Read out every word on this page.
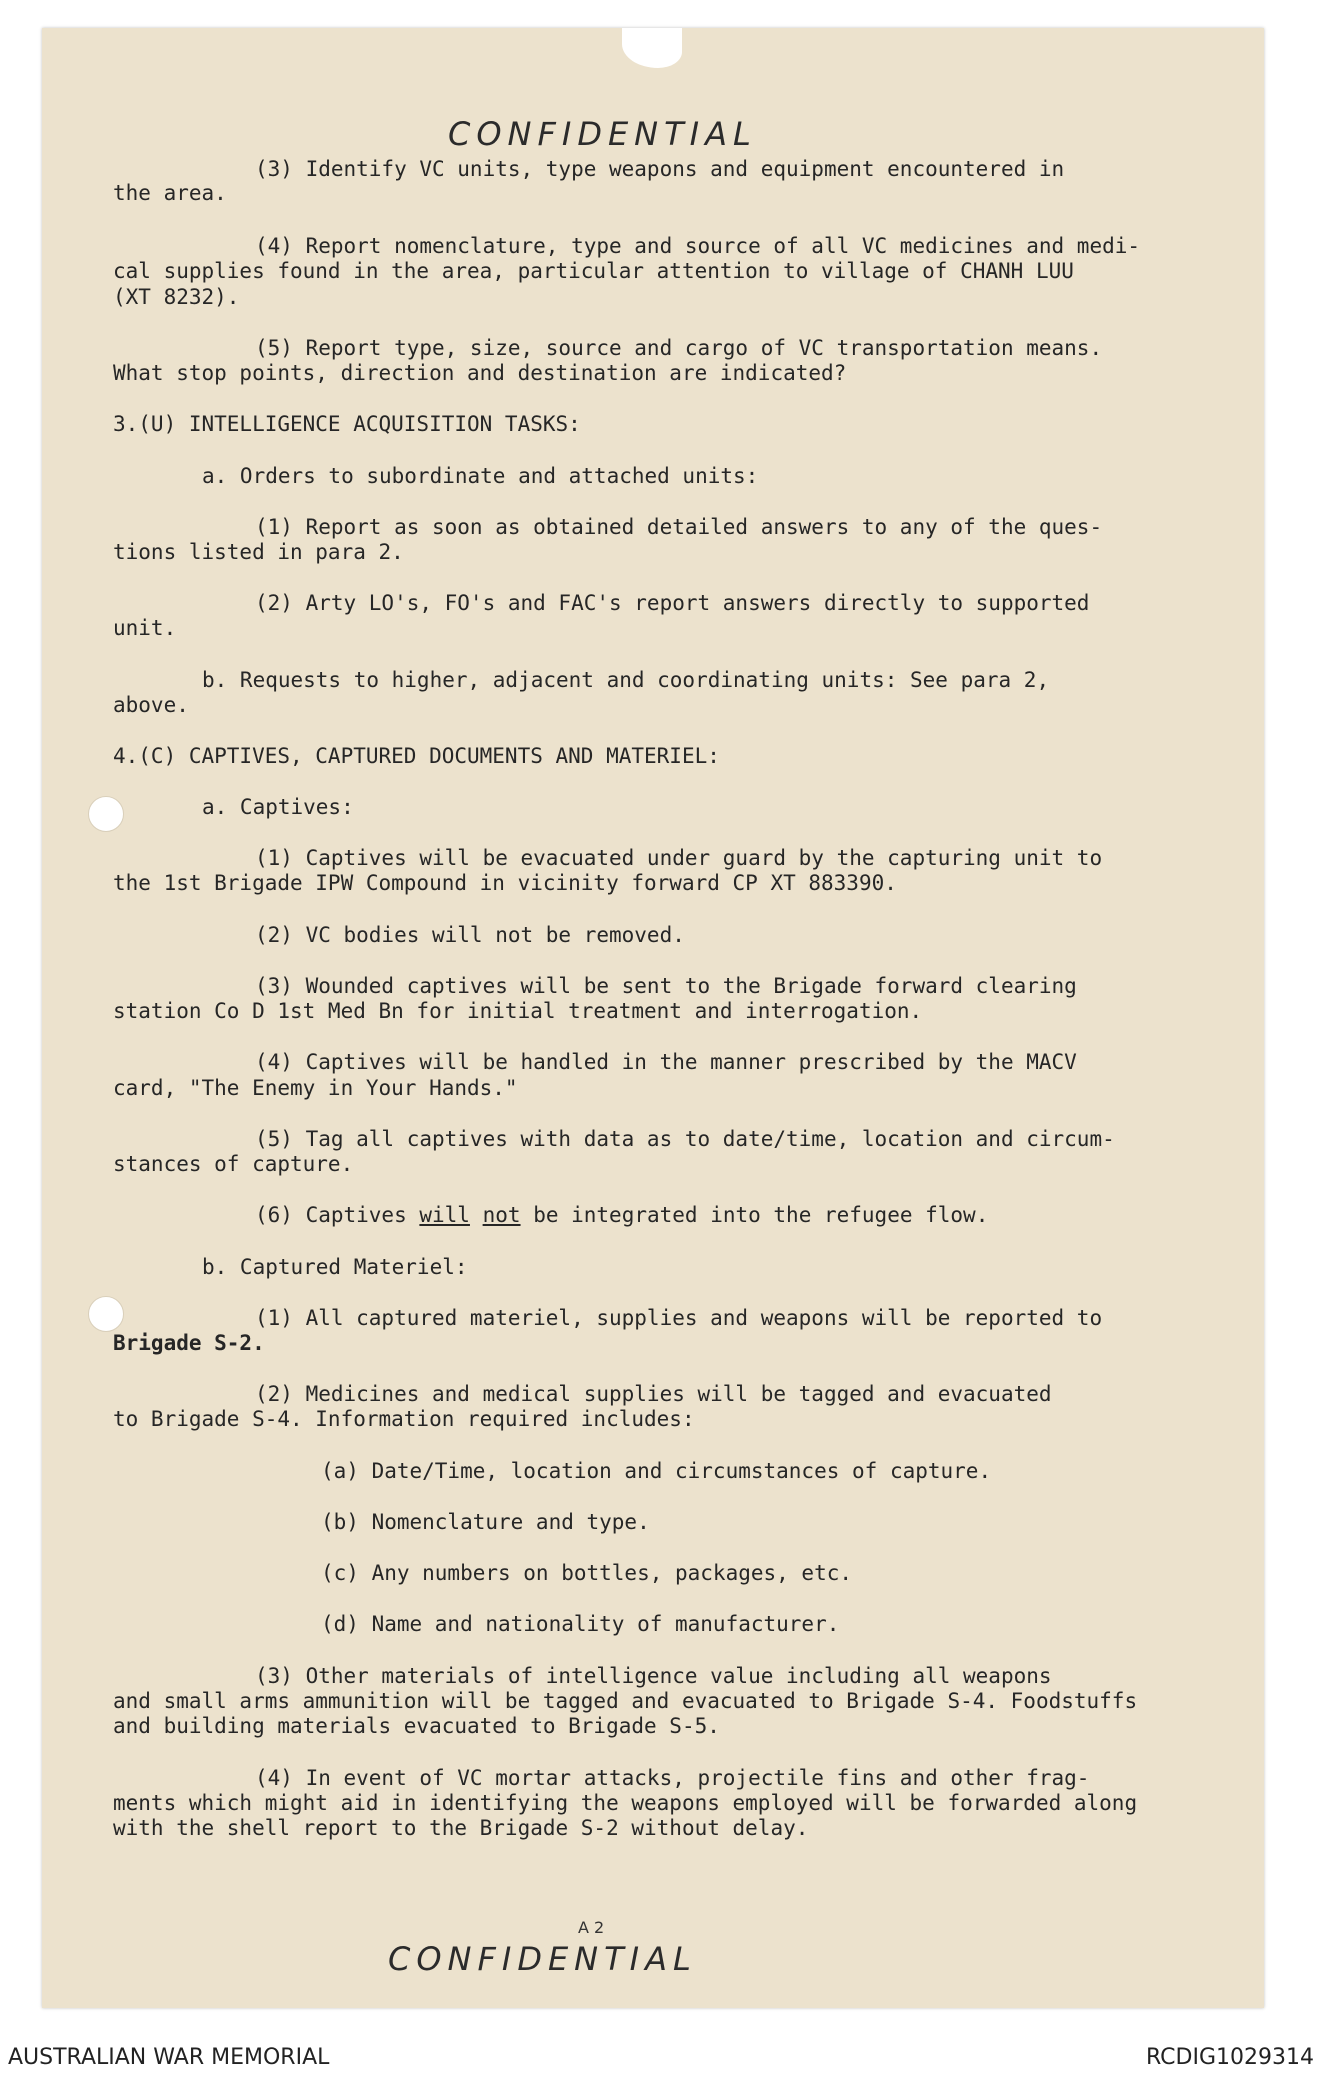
CONFIDENTIAL
(3) Identify VC units, type weapons and equipment encountered in
the area.
(4) Report nomenclature, type and source of all VC medicines and medi-
cal supplies found in the area, particular attention to village of CHANH LUU
(XT 8232).
(5) Report type, size, source and cargo of VC transportation means.
What stop points, direction and destination are indicated?
3.(U) INTELLIGENCE ACQUISITION TASKS:
a. Orders to subordinate and attached units:
(1) Report as soon as obtained detailed answers to any of the ques-
tions listed in para 2.
(2) Arty LO's, FO's and FAC's report answers directly to supported
unit.
b. Requests to higher, adjacent and coordinating units: See para 2,
above.
4.(C) CAPTIVES, CAPTURED DOCUMENTS AND MATERIEL:
a. Captives:
(1) Captives will be evacuated under guard by the capturing unit to
the 1st Brigade IPW Compound in vicinity forward CP XT 883390.
(2) VC bodies will not be removed.
(3) Wounded captives will be sent to the Brigade forward clearing
station Co D 1st Med Bn for initial treatment and interrogation.
(4) Captives will be handled in the manner prescribed by the MACV
card, "The Enemy in Your Hands."
(5) Tag all captives with data as to date/time, location and circum-
stances of capture.
(6) Captives will not be integrated into the refugee flow.
b. Captured Materiel:
(1) All captured materiel, supplies and weapons will be reported to
Brigade S-2.
(2) Medicines and medical supplies will be tagged and evacuated
to Brigade S-4. Information required includes:
(a) Date/Time, location and circumstances of capture.
(b) Nomenclature and type.
(c) Any numbers on bottles, packages, etc.
(d) Name and nationality of manufacturer.
(3) Other materials of intelligence value including all weapons
and small arms ammunition will be tagged and evacuated to Brigade S-4. Foodstuffs
and building materials evacuated to Brigade S-5.
(4) In event of VC mortar attacks, projectile fins and other frag-
ments which might aid in identifying the weapons employed will be forwarded along
with the shell report to the Brigade S-2 without delay.
A 2
CONFIDENTIAL
AUSTRALIAN WAR MEMORIAL	RCDIG1029314
